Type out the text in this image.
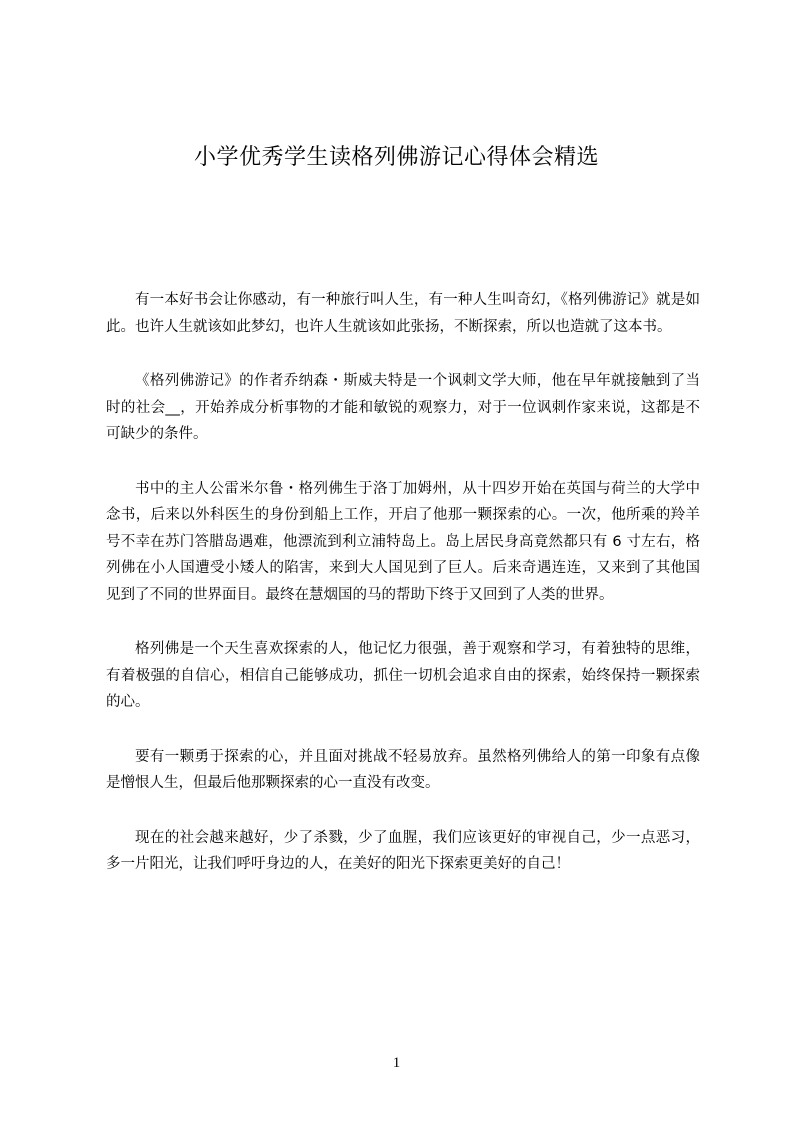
小学优秀学生读格列佛游记心得体会精选

有一本好书会让你感动，有一种旅行叫人生，有一种人生叫奇幻，《格列佛游记》就是如此。也许人生就该如此梦幻，也许人生就该如此张扬，不断探索，所以也造就了这本书。

《格列佛游记》的作者乔纳森・斯威夫特是一个讽刺文学大师，他在早年就接触到了当时的社会__，开始养成分析事物的才能和敏锐的观察力，对于一位讽刺作家来说，这都是不可缺少的条件。

书中的主人公雷米尔鲁・格列佛生于洛丁加姆州，从十四岁开始在英国与荷兰的大学中念书，后来以外科医生的身份到船上工作，开启了他那一颗探索的心。一次，他所乘的羚羊号不幸在苏门答腊岛遇难，他漂流到利立浦特岛上。岛上居民身高竟然都只有 6 寸左右，格列佛在小人国遭受小矮人的陷害，来到大人国见到了巨人。后来奇遇连连，又来到了其他国见到了不同的世界面目。最终在慧烟国的马的帮助下终于又回到了人类的世界。

格列佛是一个天生喜欢探索的人，他记忆力很强，善于观察和学习，有着独特的思维，有着极强的自信心，相信自己能够成功，抓住一切机会追求自由的探索，始终保持一颗探索的心。

要有一颗勇于探索的心，并且面对挑战不轻易放弃。虽然格列佛给人的第一印象有点像是憎恨人生，但最后他那颗探索的心一直没有改变。

现在的社会越来越好，少了杀戮，少了血腥，我们应该更好的审视自己，少一点恶习，多一片阳光，让我们呼吁身边的人，在美好的阳光下探索更美好的自己！

1
